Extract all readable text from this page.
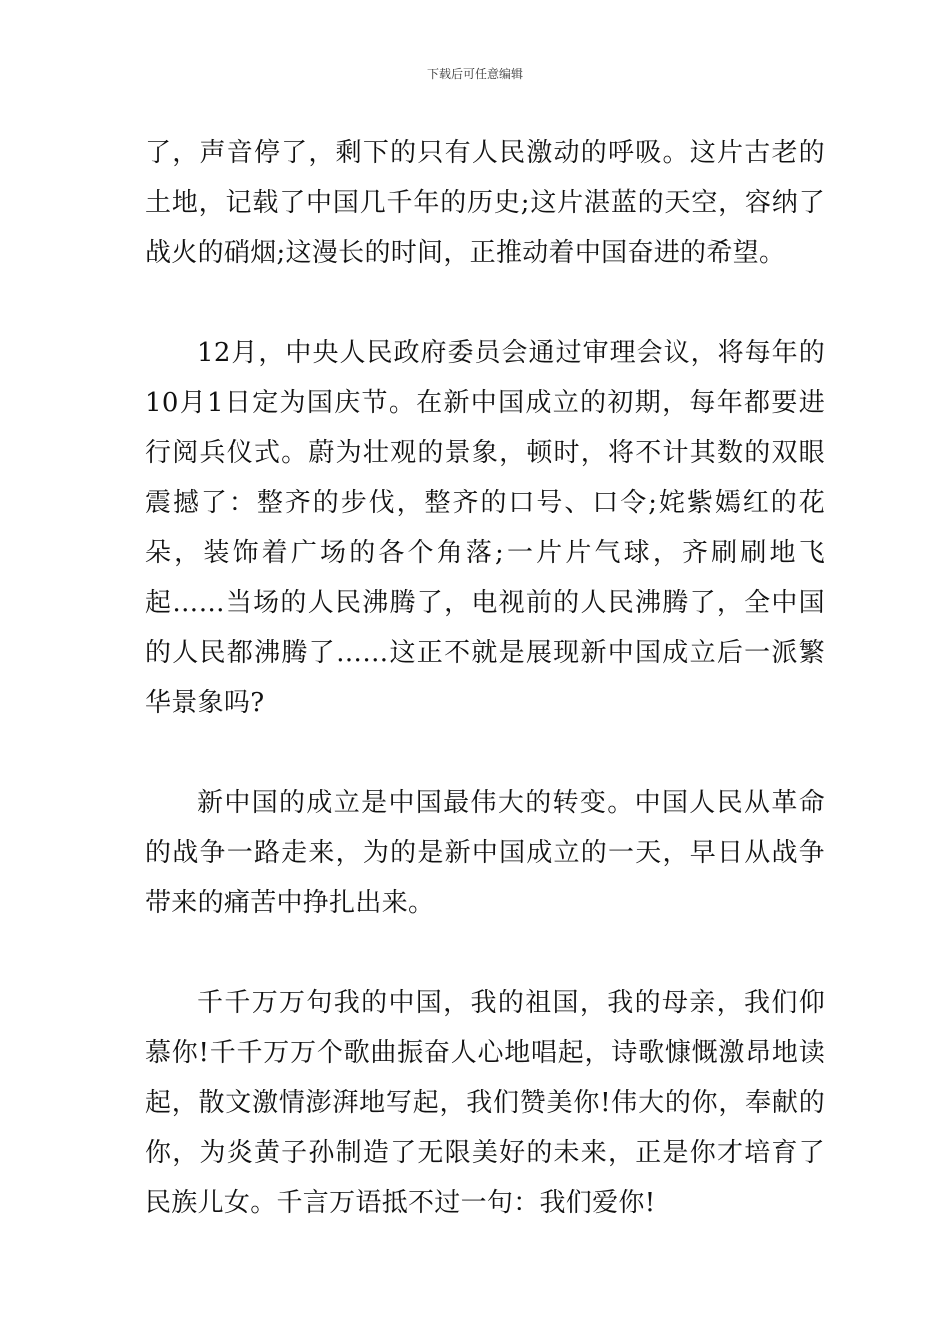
下载后可任意编辑

了，声音停了，剩下的只有人民激动的呼吸。这片古老的土地，记载了中国几千年的历史;这片湛蓝的天空，容纳了战火的硝烟;这漫长的时间，正推动着中国奋进的希望。

12月，中央人民政府委员会通过审理会议，将每年的10月1日定为国庆节。在新中国成立的初期，每年都要进行阅兵仪式。蔚为壮观的景象，顿时，将不计其数的双眼震撼了：整齐的步伐，整齐的口号、口令;姹紫嫣红的花朵，装饰着广场的各个角落;一片片气球，齐刷刷地飞起……当场的人民沸腾了，电视前的人民沸腾了，全中国的人民都沸腾了……这正不就是展现新中国成立后一派繁华景象吗?

新中国的成立是中国最伟大的转变。中国人民从革命的战争一路走来，为的是新中国成立的一天，早日从战争带来的痛苦中挣扎出来。

千千万万句我的中国，我的祖国，我的母亲，我们仰慕你!千千万万个歌曲振奋人心地唱起，诗歌慷慨激昂地读起，散文激情澎湃地写起，我们赞美你!伟大的你，奉献的你，为炎黄子孙制造了无限美好的未来，正是你才培育了民族儿女。千言万语抵不过一句：我们爱你!
